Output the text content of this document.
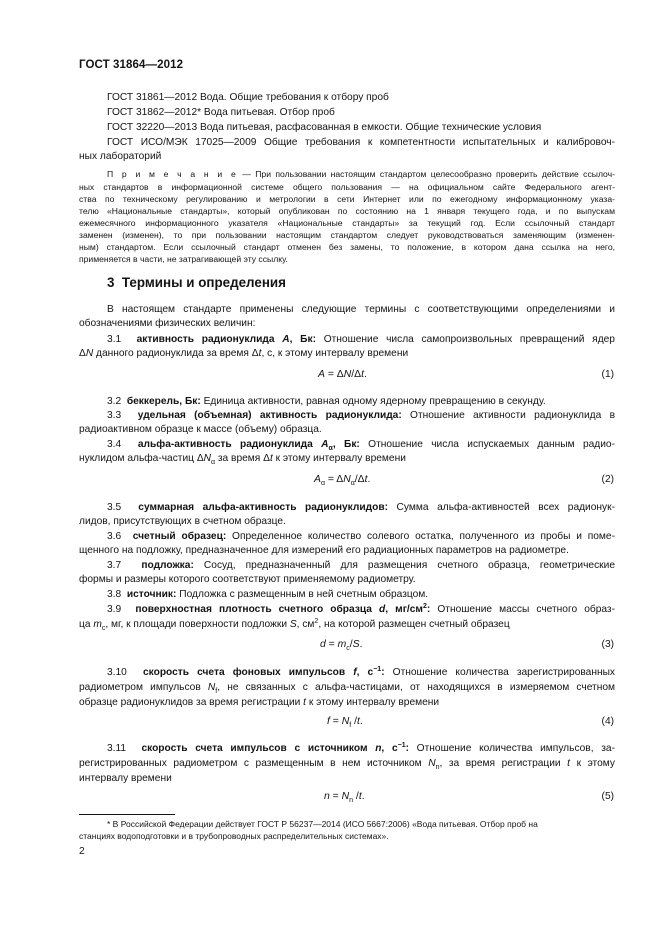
ГОСТ 31864—2012
ГОСТ 31861—2012 Вода. Общие требования к отбору проб
ГОСТ 31862—2012* Вода питьевая. Отбор проб
ГОСТ 32220—2013 Вода питьевая, расфасованная в емкости. Общие технические условия
ГОСТ ИСО/МЭК 17025—2009 Общие требования к компетентности испытательных и калибровоч-
ных лабораторий
П р и м е ч а н и е — При пользовании настоящим стандартом целесообразно проверить действие ссылоч-
ных стандартов в информационной системе общего пользования — на официальном сайте Федерального агент-
ства по техническому регулированию и метрологии в сети Интернет или по ежегодному информационному указа-
телю «Национальные стандарты», который опубликован по состоянию на 1 января текущего года, и по выпускам
ежемесячного информационного указателя «Национальные стандарты» за текущий год. Если ссылочный стандарт
заменен (изменен), то при пользовании настоящим стандартом следует руководствоваться заменяющим (изменен-
ным) стандартом. Если ссылочный стандарт отменен без замены, то положение, в котором дана ссылка на него,
применяется в части, не затрагивающей эту ссылку.
3 Термины и определения
В настоящем стандарте применены следующие термины с соответствующими определениями и
обозначениями физических величин:
3.1 активность радионуклида A, Бк: Отношение числа самопроизвольных превращений ядер
ΔN данного радионуклида за время Δt, с, к этому интервалу времени
A = ΔN/Δt.	(1)
3.2 беккерель, Бк: Единица активности, равная одному ядерному превращению в секунду.
3.3 удельная (объемная) активность радионуклида: Отношение активности радионуклида в
радиоактивном образце к массе (объему) образца.
3.4 альфа-активность радионуклида $A_\alpha$, Бк: Отношение числа испускаемых данным радио-
нуклидом альфа-частиц $\Delta N_\alpha$ за время Δt к этому интервалу времени
$A_\alpha = \Delta N_\alpha/\Delta t$.	(2)
3.5 суммарная альфа-активность радионуклидов: Сумма альфа-активностей всех радионук-
лидов, присутствующих в счетном образце.
3.6 счетный образец: Определенное количество солевого остатка, полученного из пробы и поме-
щенного на подложку, предназначенное для измерений его радиационных параметров на радиометре.
3.7 подложка: Сосуд, предназначенный для размещения счетного образца, геометрические
формы и размеры которого соответствуют применяемому радиометру.
3.8 источник: Подложка с размещенным в ней счетным образцом.
3.9 поверхностная плотность счетного образца d, $мг/см^2$: Отношение массы счетного образ-
ца $m_c$, мг, к площади поверхности подложки S, $см^2$, на которой размещен счетный образец
$d = m_c/S$.	(3)
3.10 скорость счета фоновых импульсов f, $с^{-1}$: Отношение количества зарегистрированных
радиометром импульсов $N_f$, не связанных с альфа-частицами, от находящихся в измеряемом счетном
образце радионуклидов за время регистрации t к этому интервалу времени
$f = N_f$ /t.	(4)
3.11 скорость счета импульсов с источником n, $с^{-1}$: Отношение количества импульсов, за-
регистрированных радиометром с размещенным в нем источником $N_n$, за время регистрации t к этому
интервалу времени
$n = N_n$ /t.	(5)
* В Российской Федерации действует ГОСТ Р 56237—2014 (ИСО 5667:2006) «Вода питьевая. Отбор проб на
станциях водоподготовки и в трубопроводных распределительных системах».
2
